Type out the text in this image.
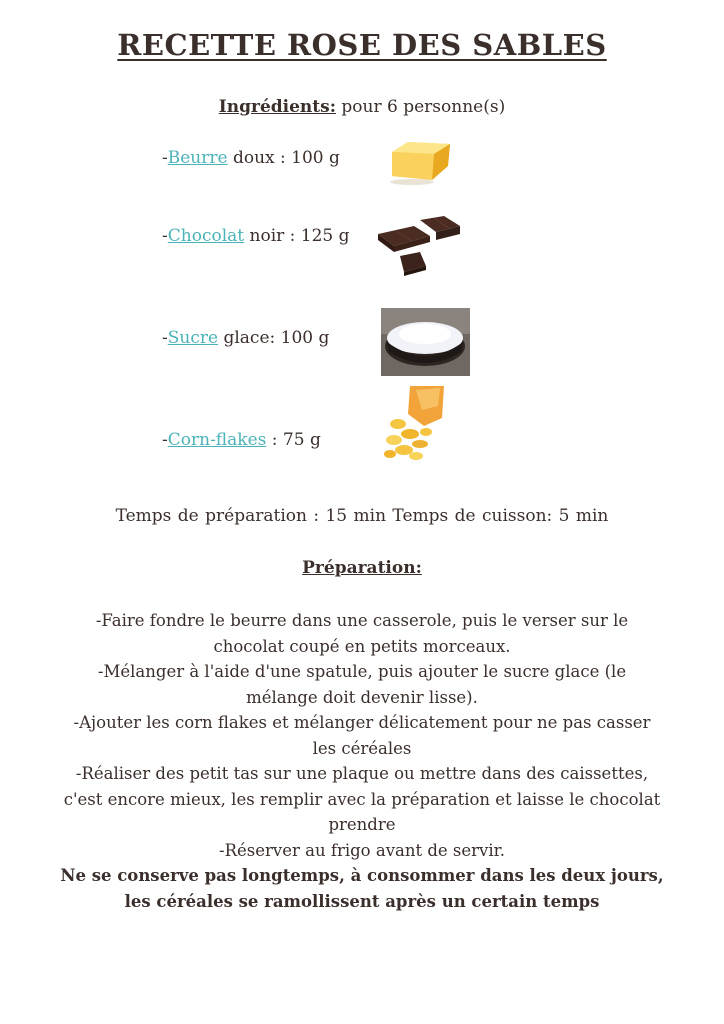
RECETTE ROSE DES SABLES
Ingrédients: pour 6 personne(s)
-Beurre doux : 100 g
-Chocolat noir : 125 g
-Sucre glace: 100 g
-Corn-flakes : 75 g
Temps de préparation : 15 min Temps de cuisson: 5 min
Préparation:

-Faire fondre le beurre dans une casserole, puis le verser sur le chocolat coupé en petits morceaux.

-Mélanger à l'aide d'une spatule, puis ajouter le sucre glace (le mélange doit devenir lisse).

-Ajouter les corn flakes et mélanger délicatement pour ne pas casser les céréales

-Réaliser des petit tas sur une plaque ou mettre dans des caissettes, c'est encore mieux, les remplir avec la préparation et laisse le chocolat prendre

-Réserver au frigo avant de servir.

Ne se conserve pas longtemps, à consommer dans les deux jours, les céréales se ramollissent après un certain temps
